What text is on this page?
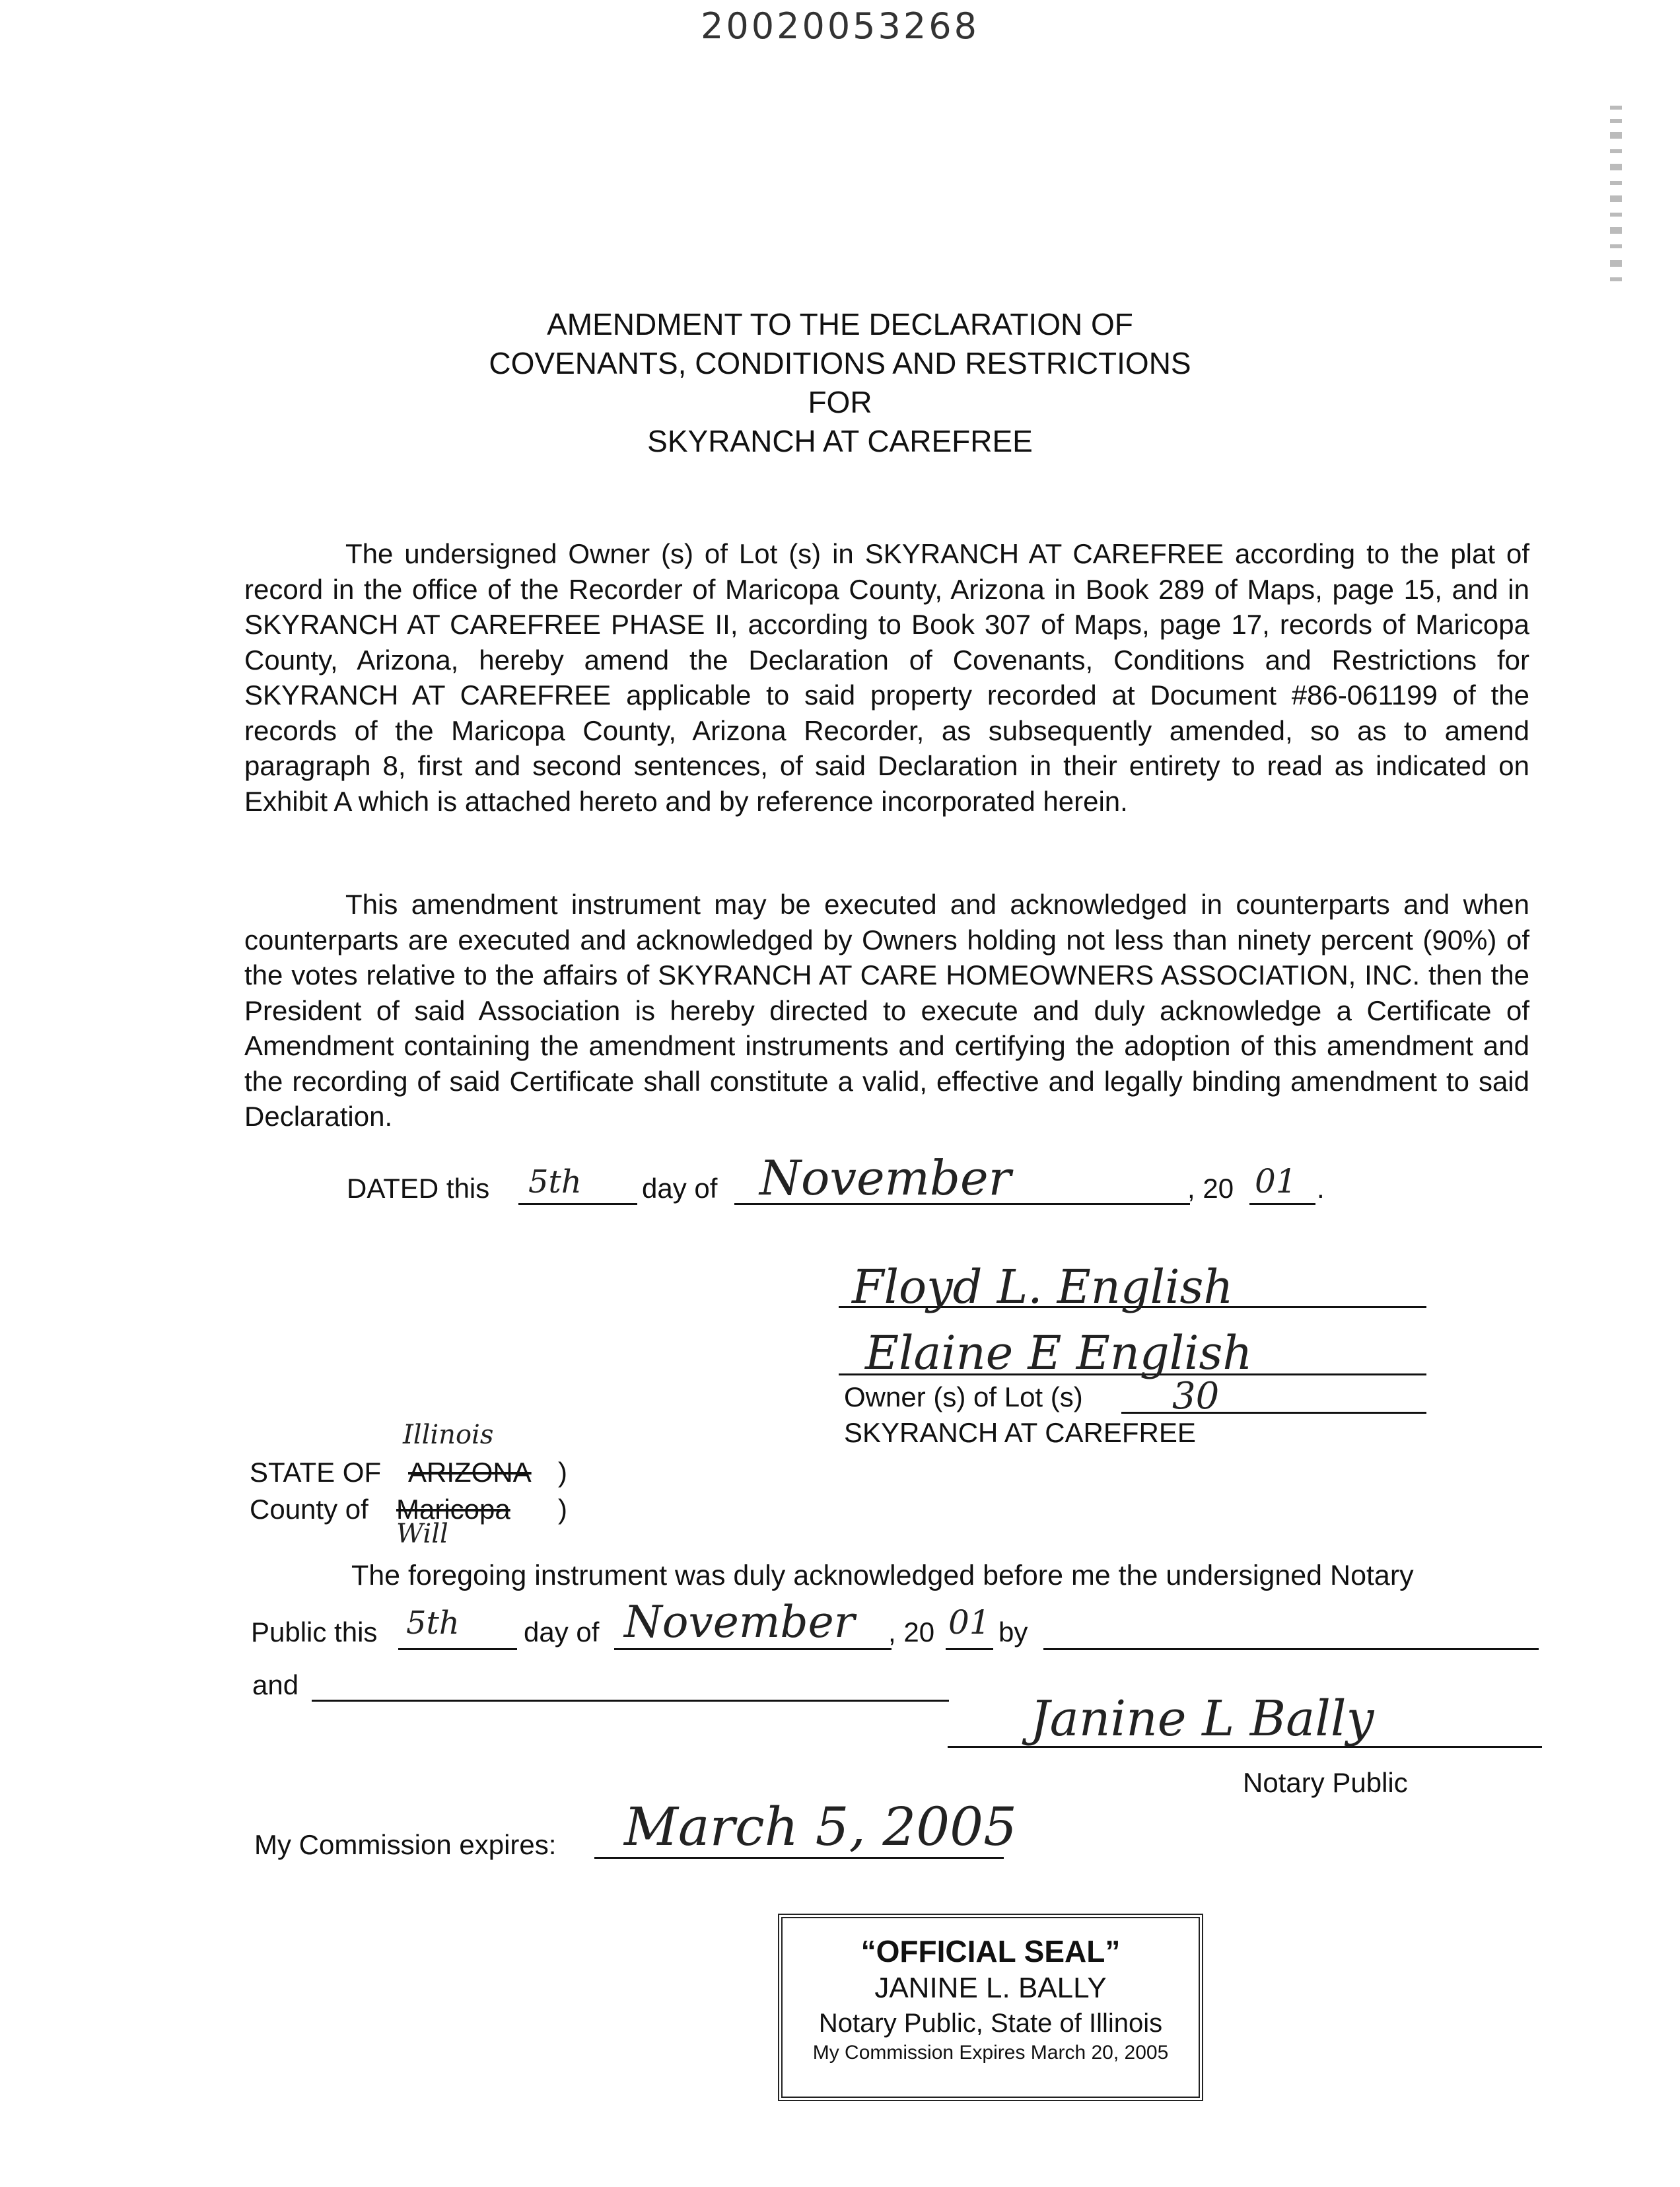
20020053268
AMENDMENT TO THE DECLARATION OF
COVENANTS, CONDITIONS AND RESTRICTIONS
FOR
SKYRANCH AT CAREFREE
The undersigned Owner (s) of Lot (s) in SKYRANCH AT CAREFREE according to the plat of record in the office of the Recorder of Maricopa County, Arizona in Book 289 of Maps, page 15, and in SKYRANCH AT CAREFREE PHASE II, according to Book 307 of Maps, page 17, records of Maricopa County, Arizona, hereby amend the Declaration of Covenants, Conditions and Restrictions for SKYRANCH AT CAREFREE applicable to said property recorded at Document #86-061199 of the records of the Maricopa County, Arizona Recorder, as subsequently amended, so as to amend paragraph 8, first and second sentences, of said Declaration in their entirety to read as indicated on Exhibit A which is attached hereto and by reference incorporated herein.
This amendment instrument may be executed and acknowledged in counterparts and when counterparts are executed and acknowledged by Owners holding not less than ninety percent (90%) of the votes relative to the affairs of SKYRANCH AT CARE HOMEOWNERS ASSOCIATION, INC. then the President of said Association is hereby directed to execute and duly acknowledge a Certificate of Amendment containing the amendment instruments and certifying the adoption of this amendment and the recording of said Certificate shall constitute a valid, effective and legally binding amendment to said Declaration.
DATED this 5th day of November	, 20 01 .
Floyd L. English
Elaine E English
Owner (s) of Lot (s) 30
SKYRANCH AT CAREFREE
Illinois
STATE OF ARIZONA )
County of Maricopa )
Will
The foregoing instrument was duly acknowledged before me the undersigned Notary
Public this 5th day of November , 20 01 by
and
Janine L Bally
Notary Public
My Commission expires: March 5, 2005
“OFFICIAL SEAL”
JANINE L. BALLY
Notary Public, State of Illinois
My Commission Expires March 20, 2005
